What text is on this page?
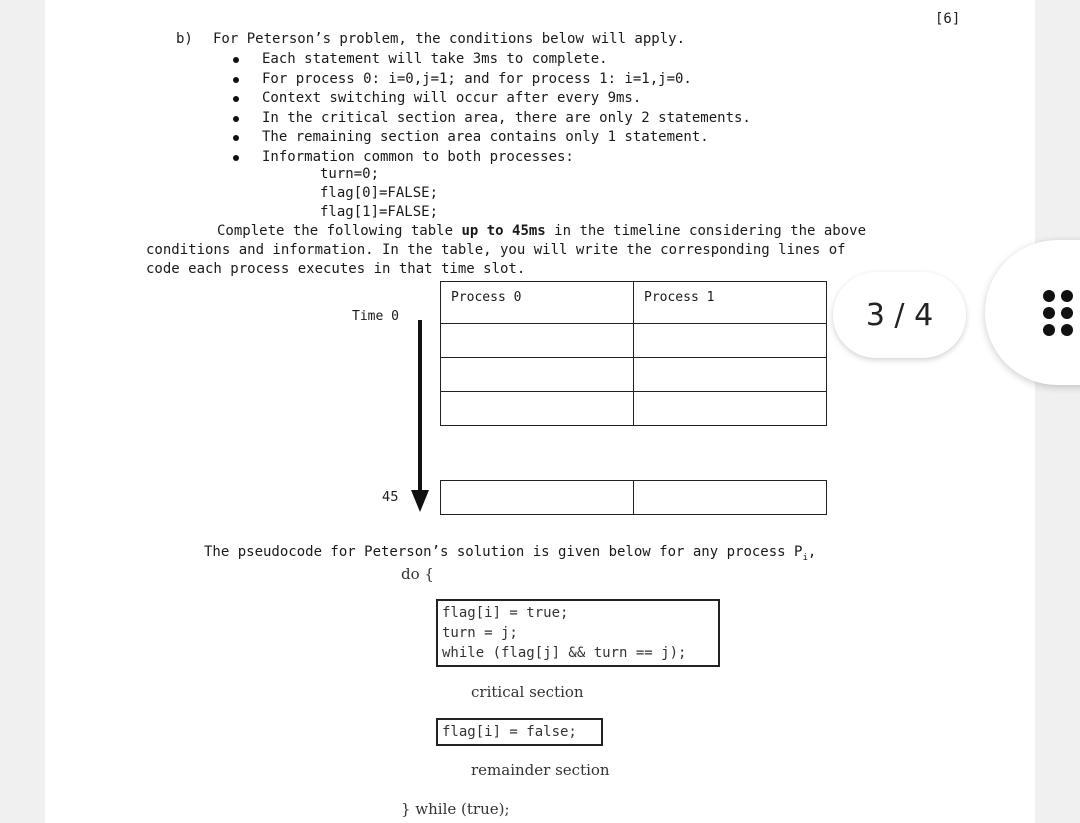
[6]
b) For Peterson’s problem, the conditions below will apply.
Each statement will take 3ms to complete.
For process 0: i=0,j=1; and for process 1: i=1,j=0.
Context switching will occur after every 9ms.
In the critical section area, there are only 2 statements.
The remaining section area contains only 1 statement.
Information common to both processes:
turn=0;
flag[0]=FALSE;
flag[1]=FALSE;
Complete the following table up to 45ms in the timeline considering the above
conditions and information. In the table, you will write the corresponding lines of
code each process executes in that time slot.
Time 0
45
Process 0	Process 1

The pseudocode for Peterson’s solution is given below for any process $P_i$,
do {
flag[i] = true;
turn = j;
while (flag[j] && turn == j);
critical section
flag[i] = false;
remainder section
} while (true);
3 / 4
